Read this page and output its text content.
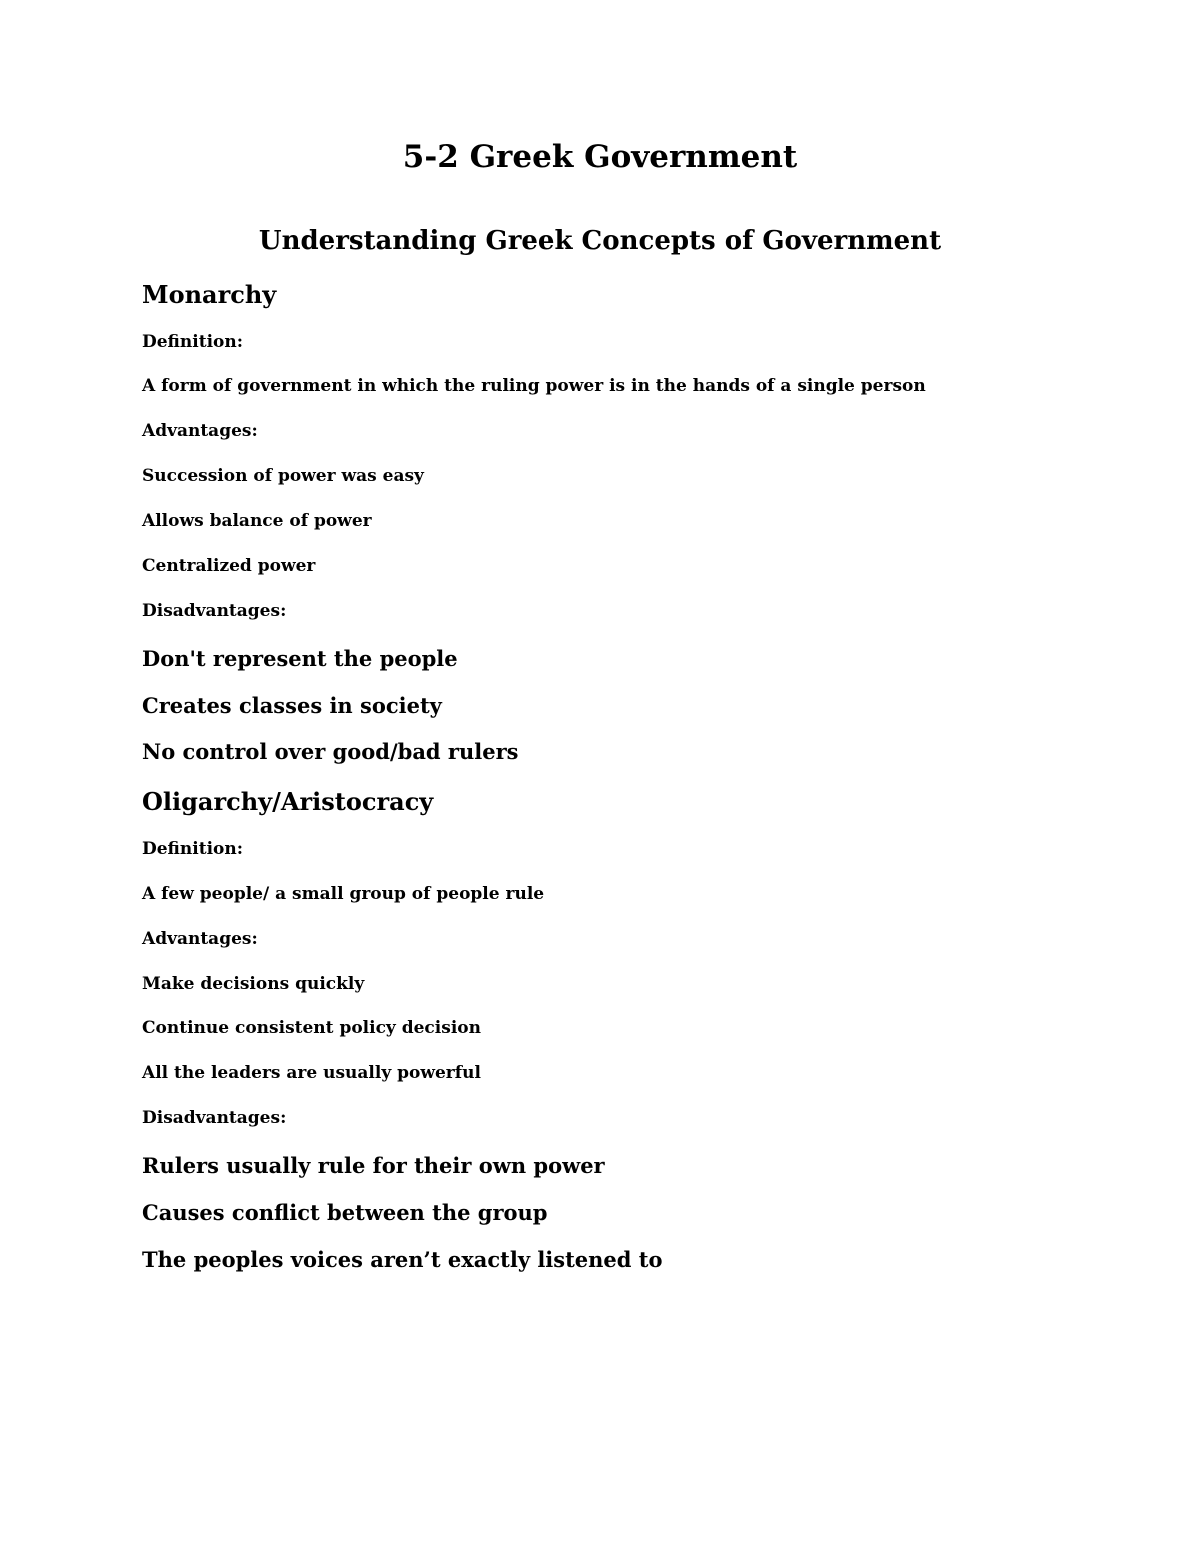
5-2 Greek Government
Understanding Greek Concepts of Government
Monarchy
Definition:
A form of government in which the ruling power is in the hands of a single person
Advantages:
Succession of power was easy
Allows balance of power
Centralized power
Disadvantages:
Don't represent the people
Creates classes in society
No control over good/bad rulers
Oligarchy/Aristocracy
Definition:
A few people/ a small group of people rule
Advantages:
Make decisions quickly
Continue consistent policy decision
All the leaders are usually powerful
Disadvantages:
Rulers usually rule for their own power
Causes conflict between the group
The peoples voices aren’t exactly listened to
